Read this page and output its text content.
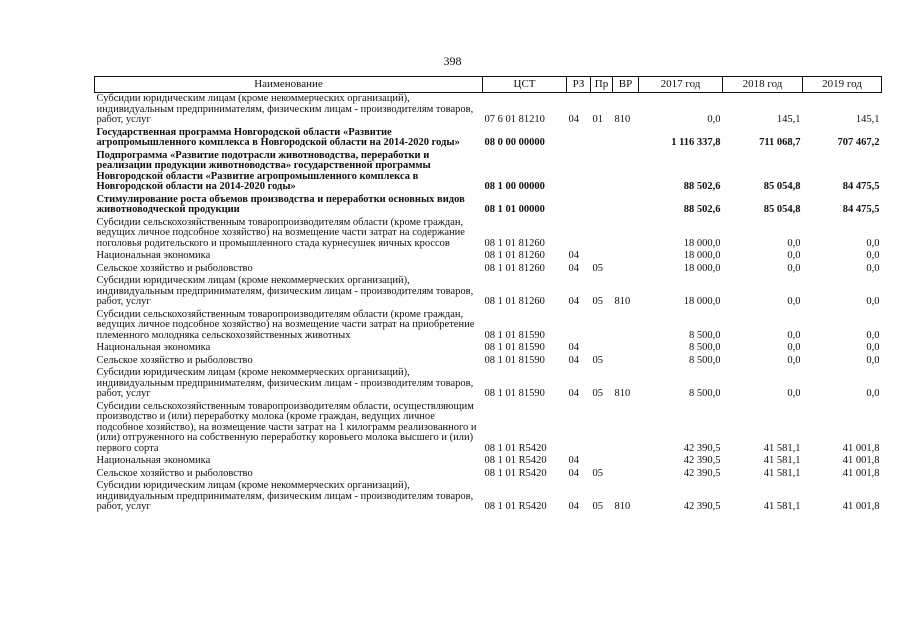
398
Наименование	ЦСТ	РЗ	Пр	ВР	2017 год	2018 год	2019 год
Субсидии юридическим лицам (кроме некоммерческих организаций), индивидуальным предпринимателям, физическим лицам - производителям товаров, работ, услуг	07 6 01 81210	04	01	810	0,0	145,1	145,1
Государственная программа Новгородской области «Развитие агропромышленного комплекса в Новгородской области на 2014-2020 годы»	08 0 00 00000				1 116 337,8	711 068,7	707 467,2
Подпрограмма «Развитие подотрасли животноводства, переработки и реализации продукции животноводства» государственной программы Новгородской области «Развитие агропромышленного комплекса в Новгородской области на 2014-2020 годы»	08 1 00 00000				88 502,6	85 054,8	84 475,5
Стимулирование роста объемов производства и переработки основных видов животноводческой продукции	08 1 01 00000				88 502,6	85 054,8	84 475,5
Субсидии сельскохозяйственным товаропроизводителям области (кроме граждан, ведущих личное подсобное хозяйство) на возмещение части затрат на содержание поголовья родительского и промышленного стада курнесушек яичных кроссов	08 1 01 81260				18 000,0	0,0	0,0
Национальная экономика	08 1 01 81260	04			18 000,0	0,0	0,0
Сельское хозяйство и рыболовство	08 1 01 81260	04	05		18 000,0	0,0	0,0
Субсидии юридическим лицам (кроме некоммерческих организаций), индивидуальным предпринимателям, физическим лицам - производителям товаров, работ, услуг	08 1 01 81260	04	05	810	18 000,0	0,0	0,0
Субсидии сельскохозяйственным товаропроизводителям области (кроме граждан, ведущих личное подсобное хозяйство) на возмещение части затрат на приобретение племенного молодняка сельскохозяйственных животных	08 1 01 81590				8 500,0	0,0	0,0
Национальная экономика	08 1 01 81590	04			8 500,0	0,0	0,0
Сельское хозяйство и рыболовство	08 1 01 81590	04	05		8 500,0	0,0	0,0
Субсидии юридическим лицам (кроме некоммерческих организаций), индивидуальным предпринимателям, физическим лицам - производителям товаров, работ, услуг	08 1 01 81590	04	05	810	8 500,0	0,0	0,0
Субсидии сельскохозяйственным товаропроизводителям области, осуществляющим производство и (или) переработку молока (кроме граждан, ведущих личное подсобное хозяйство), на возмещение части затрат на 1 килограмм реализованного и (или) отгруженного на собственную переработку коровьего молока высшего и (или) первого сорта	08 1 01 R5420				42 390,5	41 581,1	41 001,8
Национальная экономика	08 1 01 R5420	04			42 390,5	41 581,1	41 001,8
Сельское хозяйство и рыболовство	08 1 01 R5420	04	05		42 390,5	41 581,1	41 001,8
Субсидии юридическим лицам (кроме некоммерческих организаций), индивидуальным предпринимателям, физическим лицам - производителям товаров, работ, услуг	08 1 01 R5420	04	05	810	42 390,5	41 581,1	41 001,8
